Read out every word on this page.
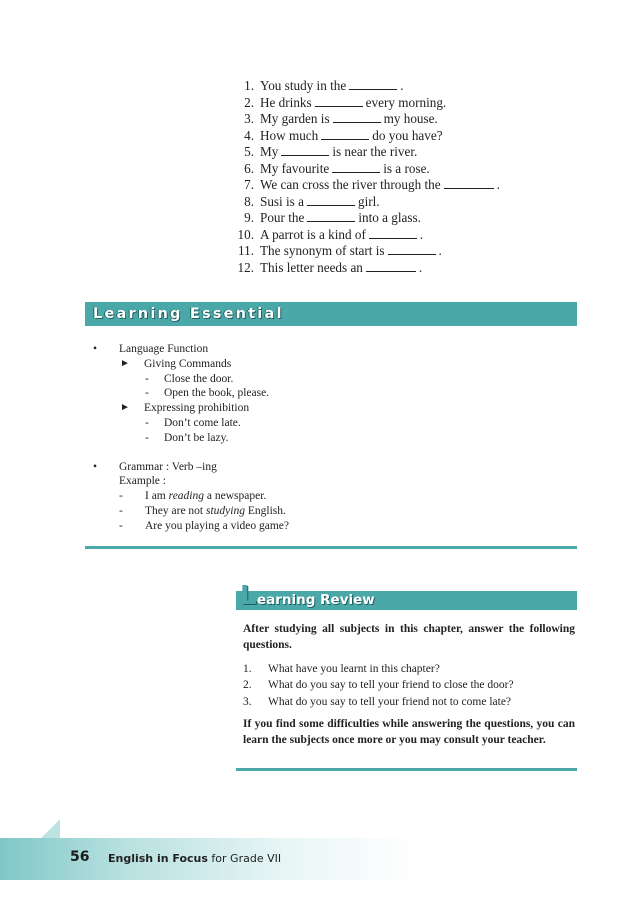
1. You study in the	.
2. He drinks	every morning.
3. My garden is	my house.
4. How much	do you have?
5. My	is near the river.
6. My favourite	is a rose.
7. We can cross the river through the	.
8. Susi is a	girl.
9. Pour the	into a glass.
10. A parrot is a kind of	.
11. The synonym of start is	.
12. This letter needs an	.
Learning Essential
• Language Function
► Giving Commands
- Close the door.
- Open the book, please.
► Expressing prohibition
- Don’t come late.
- Don’t be lazy.
• Grammar : Verb –ing
Example :
- I am reading a newspaper.
- They are not studying English.
- Are you playing a video game?
L earning Review

After studying all subjects in this chapter, answer the following questions.

1. What have you learnt in this chapter?
2. What do you say to tell your friend to close the door?
3. What do you say to tell your friend not to come late?

If you find some difficulties while answering the questions, you can learn the subjects once more or you may consult your teacher.

56 English in Focus for Grade VII
